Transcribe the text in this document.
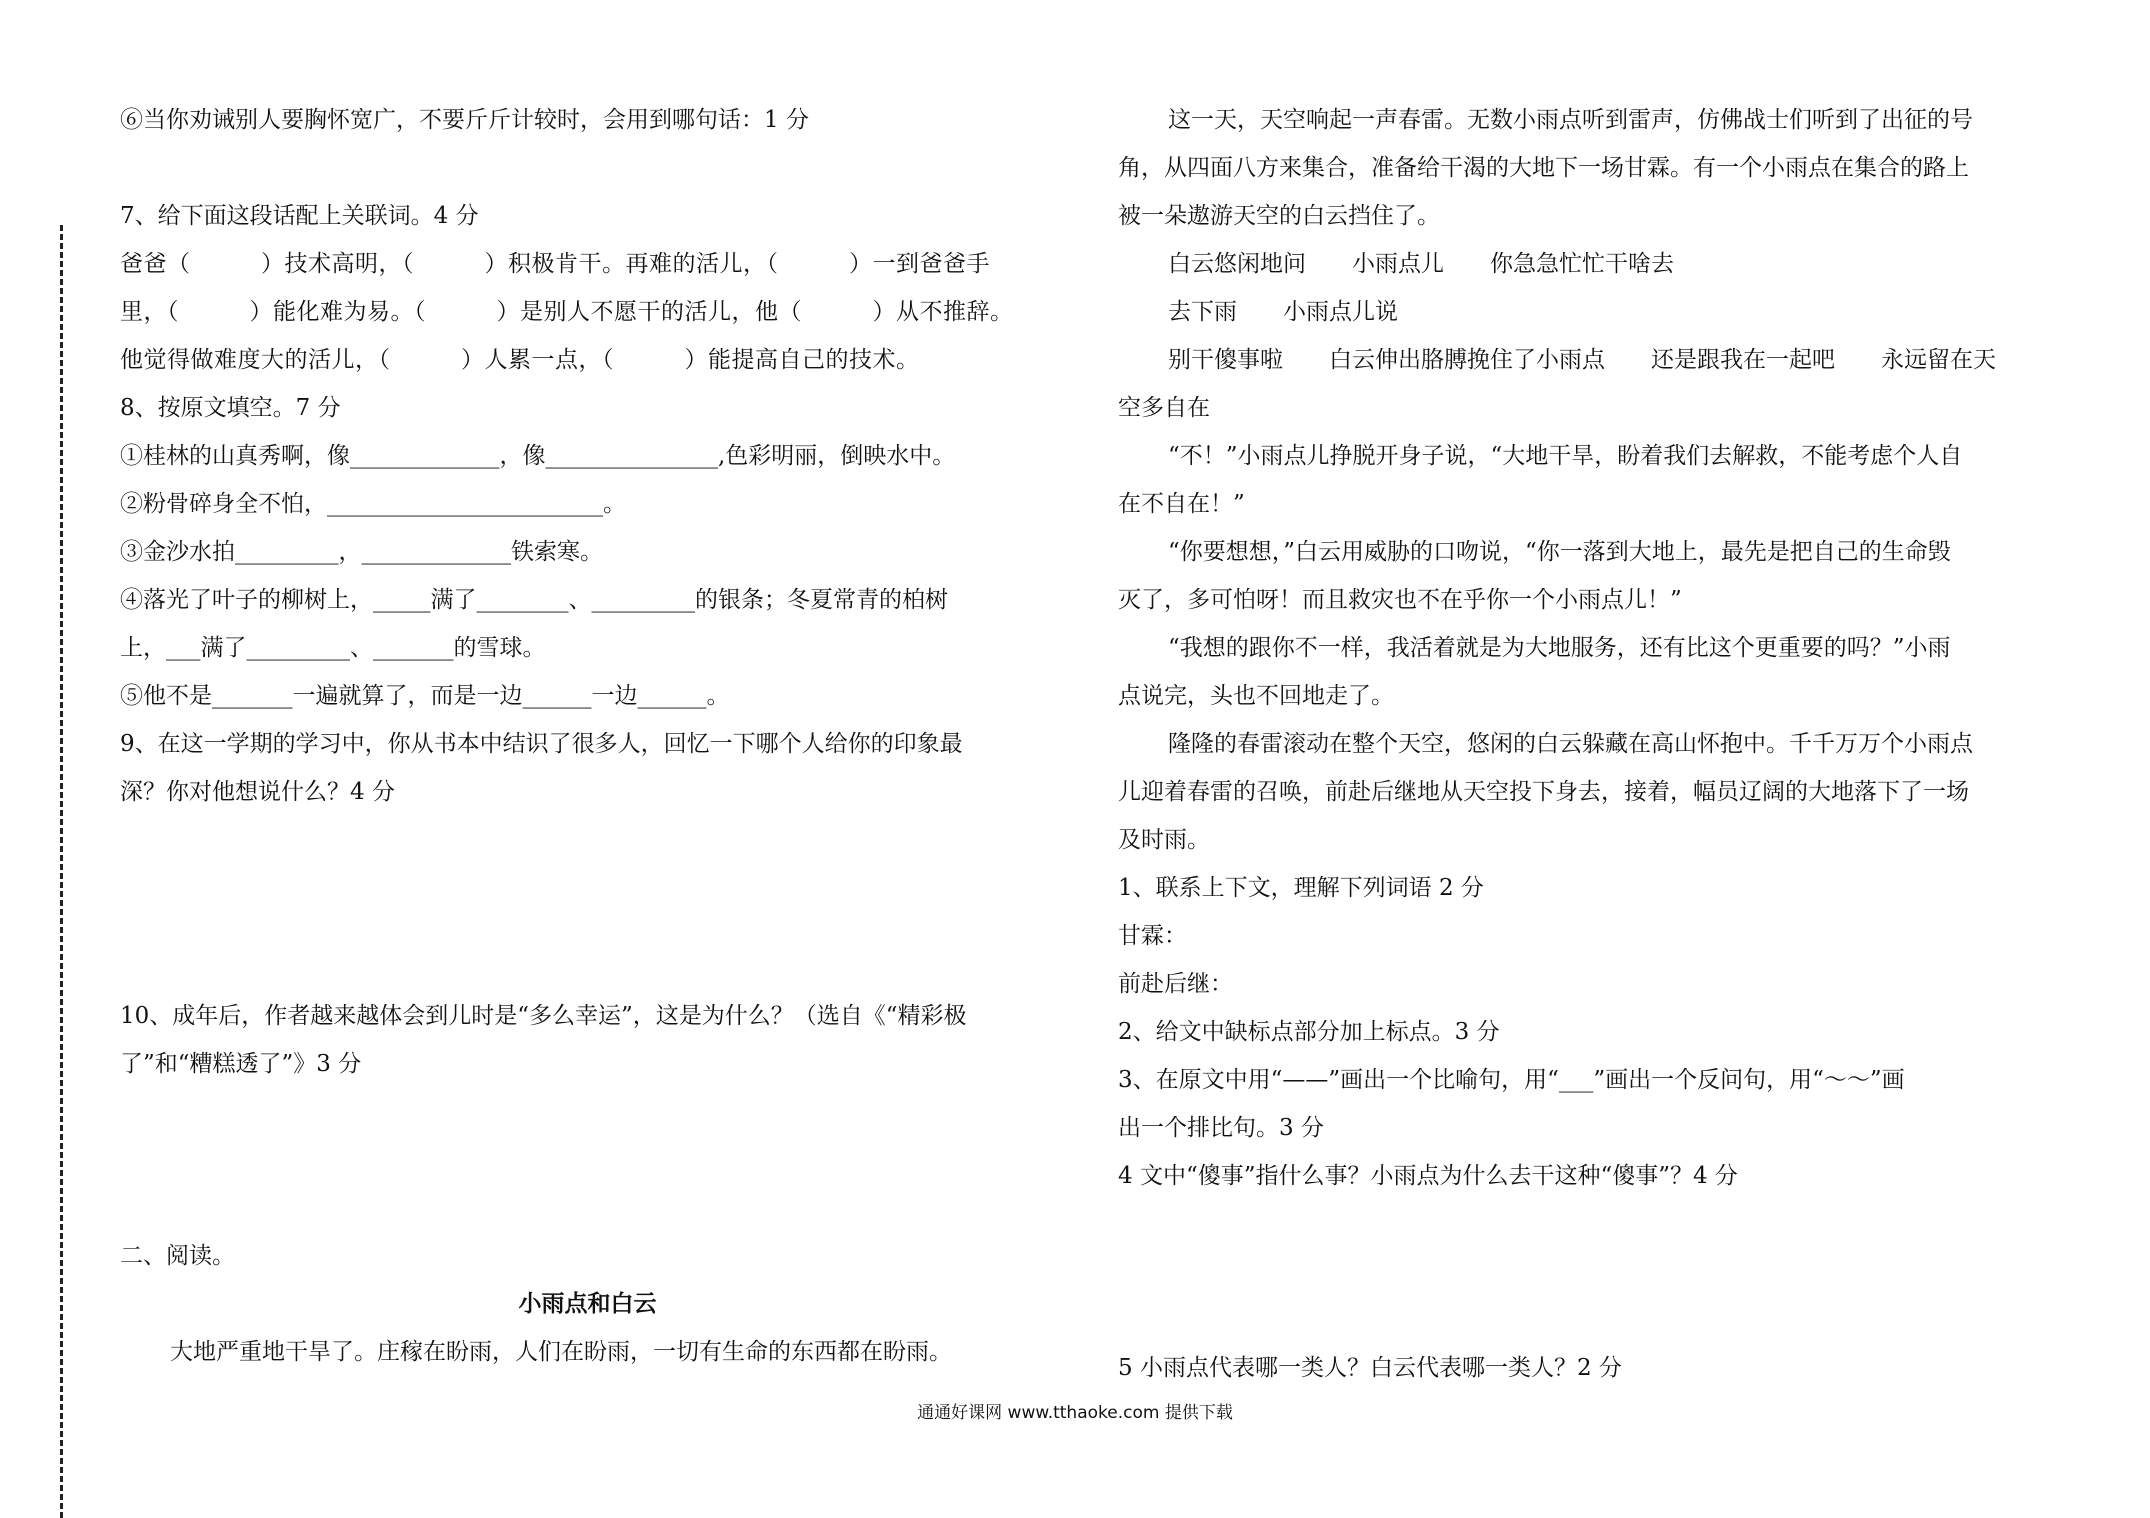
⑥当你劝诫别人要胸怀宽广，不要斤斤计较时，会用到哪句话：1 分
7、给下面这段话配上关联词。4 分
爸爸（　　　）技术高明，（　　　）积极肯干。再难的活儿，（　　　）一到爸爸手
里，（　　　）能化难为易。（　　　）是别人不愿干的活儿，他（　　　）从不推辞。
他觉得做难度大的活儿，（　　　）人累一点，（　　　）能提高自己的技术。
8、按原文填空。7 分
①桂林的山真秀啊，像_____________，像_______________,色彩明丽，倒映水中。
②粉骨碎身全不怕，________________________。
③金沙水拍_________，_____________铁索寒。
④落光了叶子的柳树上，_____满了________、_________的银条；冬夏常青的柏树
上，___满了_________、_______的雪球。
⑤他不是_______一遍就算了，而是一边______一边______。
9、在这一学期的学习中，你从书本中结识了很多人，回忆一下哪个人给你的印象最
深？你对他想说什么？4 分
10、成年后，作者越来越体会到儿时是“多么幸运”，这是为什么？（选自《“精彩极
了”和“糟糕透了”》3 分
二、阅读。
小雨点和白云
大地严重地干旱了。庄稼在盼雨，人们在盼雨，一切有生命的东西都在盼雨。
这一天，天空响起一声春雷。无数小雨点听到雷声，仿佛战士们听到了出征的号
角，从四面八方来集合，准备给干渴的大地下一场甘霖。有一个小雨点在集合的路上
被一朵遨游天空的白云挡住了。
白云悠闲地问　　小雨点儿　　你急急忙忙干啥去
去下雨　　小雨点儿说
别干傻事啦　　白云伸出胳膊挽住了小雨点　　还是跟我在一起吧　　永远留在天
空多自在
“不！”小雨点儿挣脱开身子说，“大地干旱，盼着我们去解救，不能考虑个人自
在不自在！”
“你要想想，”白云用威胁的口吻说，“你一落到大地上，最先是把自己的生命毁
灭了，多可怕呀！而且救灾也不在乎你一个小雨点儿！”
“我想的跟你不一样，我活着就是为大地服务，还有比这个更重要的吗？”小雨
点说完，头也不回地走了。
隆隆的春雷滚动在整个天空，悠闲的白云躲藏在高山怀抱中。千千万万个小雨点
儿迎着春雷的召唤，前赴后继地从天空投下身去，接着，幅员辽阔的大地落下了一场
及时雨。
1、联系上下文，理解下列词语 2 分
甘霖：
前赴后继：
2、给文中缺标点部分加上标点。3 分
3、在原文中用“——”画出一个比喻句，用“___”画出一个反问句，用“～～”画
出一个排比句。3 分
4 文中“傻事”指什么事？小雨点为什么去干这种“傻事”？4 分
5 小雨点代表哪一类人？白云代表哪一类人？2 分
通通好课网 www.tthaoke.com 提供下载
